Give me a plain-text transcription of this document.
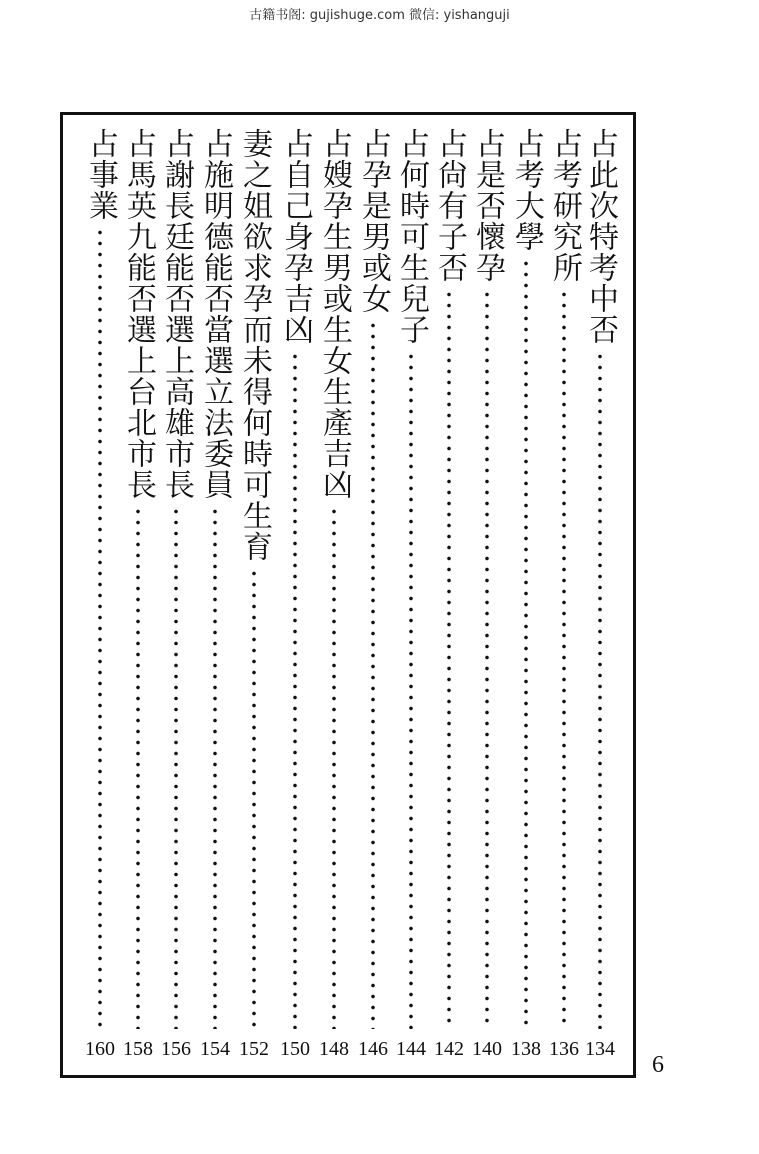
古籍书阁: gujishuge.com 微信: yishanguji
占此次特考中否
134
占考研究所
136
占考大學
138
占是否懷孕
140
占尙有子否
142
占何時可生兒子
144
占孕是男或女
146
占嫂孕生男或生女生產吉凶
148
占自己身孕吉凶
150
妻之姐欲求孕而未得何時可生育
152
占施明德能否當選立法委員
154
占謝長廷能否選上高雄市長
156
占馬英九能否選上台北市長
158
占事業
160
6
